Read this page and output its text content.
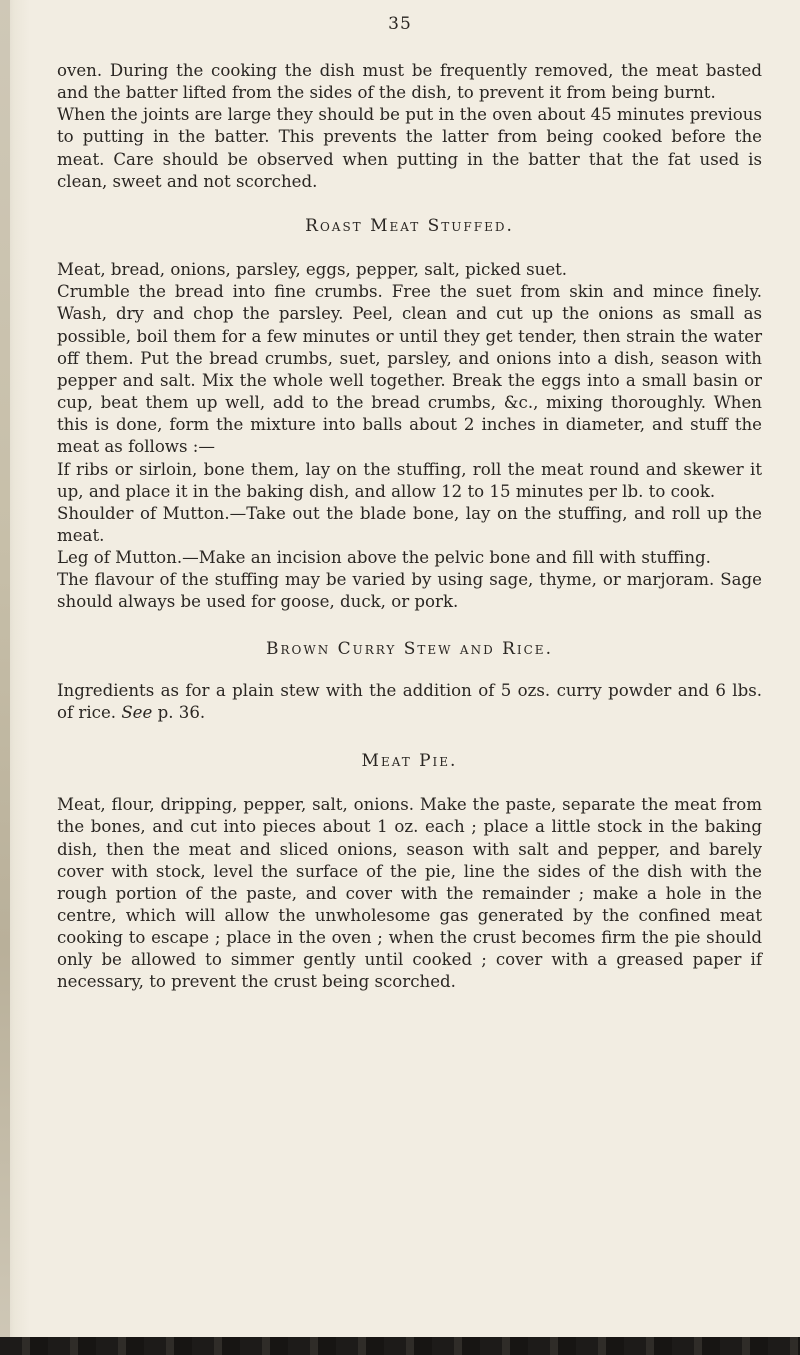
35

oven. During the cooking the dish must be frequently removed, the meat basted and the batter lifted from the sides of the dish, to prevent it from being burnt.

When the joints are large they should be put in the oven about 45 minutes previous to putting in the batter. This prevents the latter from being cooked before the meat. Care should be observed when putting in the batter that the fat used is clean, sweet and not scorched.

Roast Meat Stuffed.

Meat, bread, onions, parsley, eggs, pepper, salt, picked suet.

Crumble the bread into fine crumbs. Free the suet from skin and mince finely. Wash, dry and chop the parsley. Peel, clean and cut up the onions as small as possible, boil them for a few minutes or until they get tender, then strain the water off them. Put the bread crumbs, suet, parsley, and onions into a dish, season with pepper and salt. Mix the whole well together. Break the eggs into a small basin or cup, beat them up well, add to the bread crumbs, &c., mixing thoroughly. When this is done, form the mixture into balls about 2 inches in diameter, and stuff the meat as follows :—

If ribs or sirloin, bone them, lay on the stuffing, roll the meat round and skewer it up, and place it in the baking dish, and allow 12 to 15 minutes per lb. to cook.

Shoulder of Mutton.—Take out the blade bone, lay on the stuffing, and roll up the meat.

Leg of Mutton.—Make an incision above the pelvic bone and fill with stuffing.

The flavour of the stuffing may be varied by using sage, thyme, or marjoram. Sage should always be used for goose, duck, or pork.

Brown Curry Stew and Rice.

Ingredients as for a plain stew with the addition of 5 ozs. curry powder and 6 lbs. of rice. See p. 36.

Meat Pie.

Meat, flour, dripping, pepper, salt, onions. Make the paste, separate the meat from the bones, and cut into pieces about 1 oz. each ; place a little stock in the baking dish, then the meat and sliced onions, season with salt and pepper, and barely cover with stock, level the surface of the pie, line the sides of the dish with the rough portion of the paste, and cover with the remainder ; make a hole in the centre, which will allow the unwholesome gas generated by the confined meat cooking to escape ; place in the oven ; when the crust becomes firm the pie should only be allowed to simmer gently until cooked ; cover with a greased paper if necessary, to prevent the crust being scorched.
